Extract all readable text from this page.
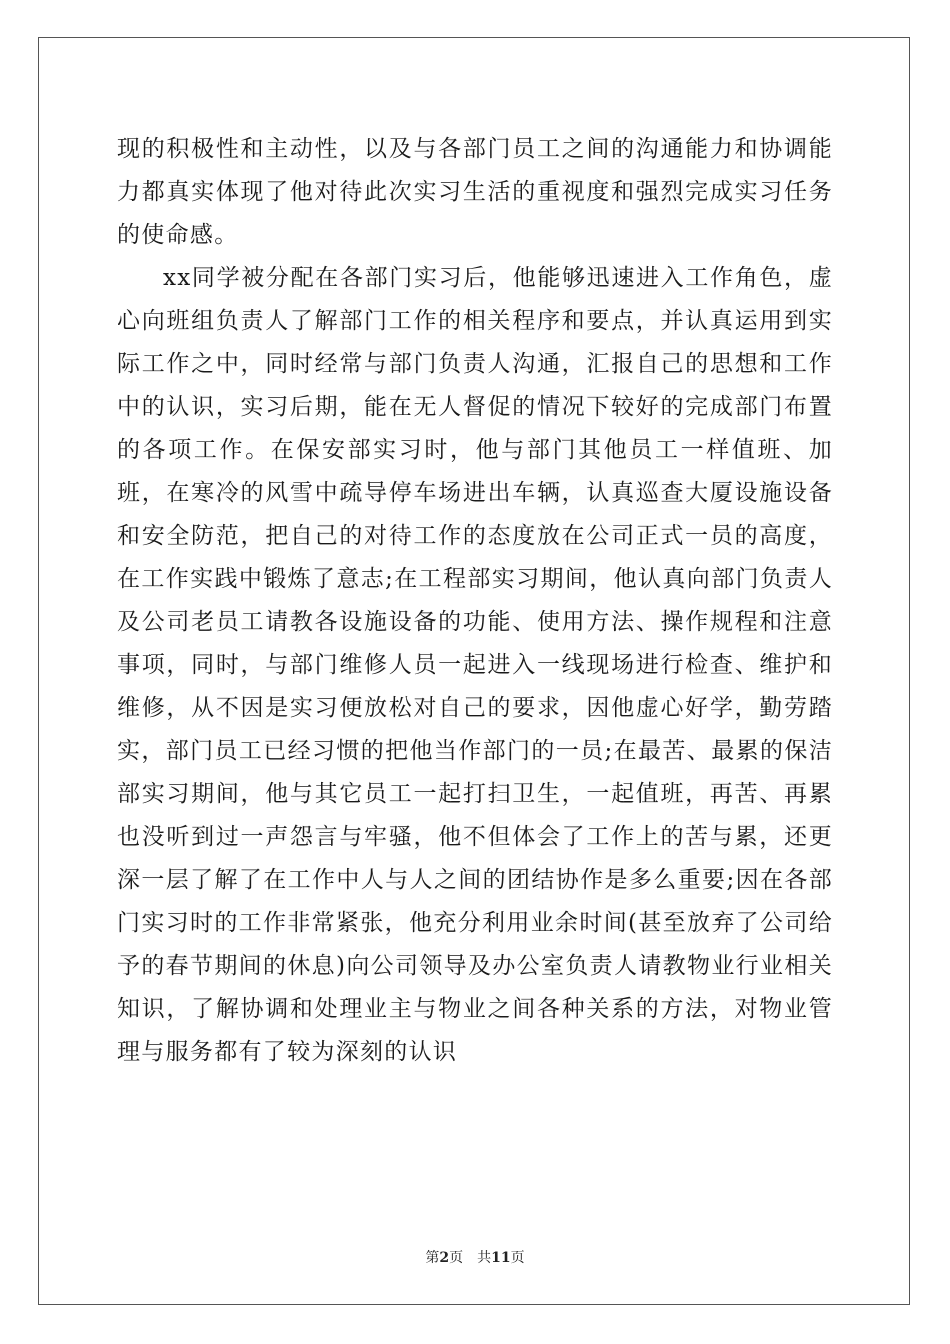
现的积极性和主动性，以及与各部门员工之间的沟通能力和协调能力都真实体现了他对待此次实习生活的重视度和强烈完成实习任务的使命感。

xx同学被分配在各部门实习后，他能够迅速进入工作角色，虚心向班组负责人了解部门工作的相关程序和要点，并认真运用到实际工作之中，同时经常与部门负责人沟通，汇报自己的思想和工作中的认识，实习后期，能在无人督促的情况下较好的完成部门布置的各项工作。在保安部实习时，他与部门其他员工一样值班、加班，在寒冷的风雪中疏导停车场进出车辆，认真巡查大厦设施设备和安全防范，把自己的对待工作的态度放在公司正式一员的高度，在工作实践中锻炼了意志;在工程部实习期间，他认真向部门负责人及公司老员工请教各设施设备的功能、使用方法、操作规程和注意事项，同时，与部门维修人员一起进入一线现场进行检查、维护和维修，从不因是实习便放松对自己的要求，因他虚心好学，勤劳踏实，部门员工已经习惯的把他当作部门的一员;在最苦、最累的保洁部实习期间，他与其它员工一起打扫卫生，一起值班，再苦、再累也没听到过一声怨言与牢骚，他不但体会了工作上的苦与累，还更深一层了解了在工作中人与人之间的团结协作是多么重要;因在各部门实习时的工作非常紧张，他充分利用业余时间(甚至放弃了公司给予的春节期间的休息)向公司领导及办公室负责人请教物业行业相关知识，了解协调和处理业主与物业之间各种关系的方法，对物业管理与服务都有了较为深刻的认识

第2页 共11页
